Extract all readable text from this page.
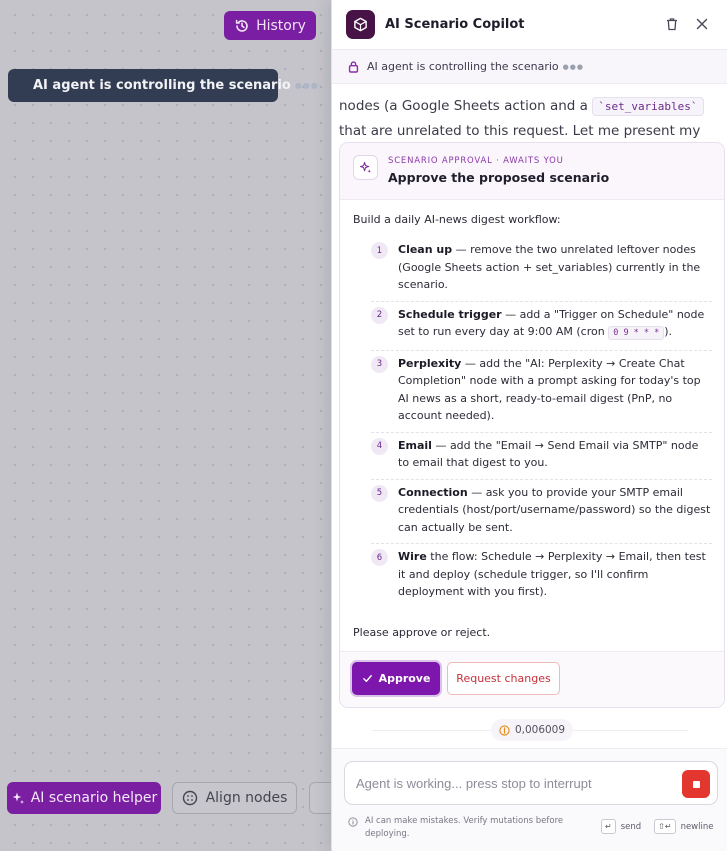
History
AI agent is controlling the scenario ●●●
AI scenario helper	Align nodes
AI Scenario Copilot
AI agent is controlling the scenario ●●●
nodes (a Google Sheets action and a `set_variables` that are unrelated to this request. Let me present my
SCENARIO APPROVAL · AWAITS YOU
Approve the proposed scenario
Build a daily AI-news digest workflow:
1	Clean up — remove the two unrelated leftover nodes (Google Sheets action + set_variables) currently in the scenario.
2	Schedule trigger — add a "Trigger on Schedule" node set to run every day at 9:00 AM (cron 0 9 * * * ).
3	Perplexity — add the "AI: Perplexity → Create Chat Completion" node with a prompt asking for today's top AI news as a short, ready-to-email digest (PnP, no account needed).
4	Email — add the "Email → Send Email via SMTP" node to email that digest to you.
5	Connection — ask you to provide your SMTP email credentials (host/port/username/password) so the digest can actually be sent.
6	Wire the flow: Schedule → Perplexity → Email, then test it and deploy (schedule trigger, so I'll confirm deployment with you first).
Please approve or reject.
Approve Request changes
0,006009
Agent is working... press stop to interrupt
AI can make mistakes. Verify mutations before deploying.
↵	send	⇧↵	newline
